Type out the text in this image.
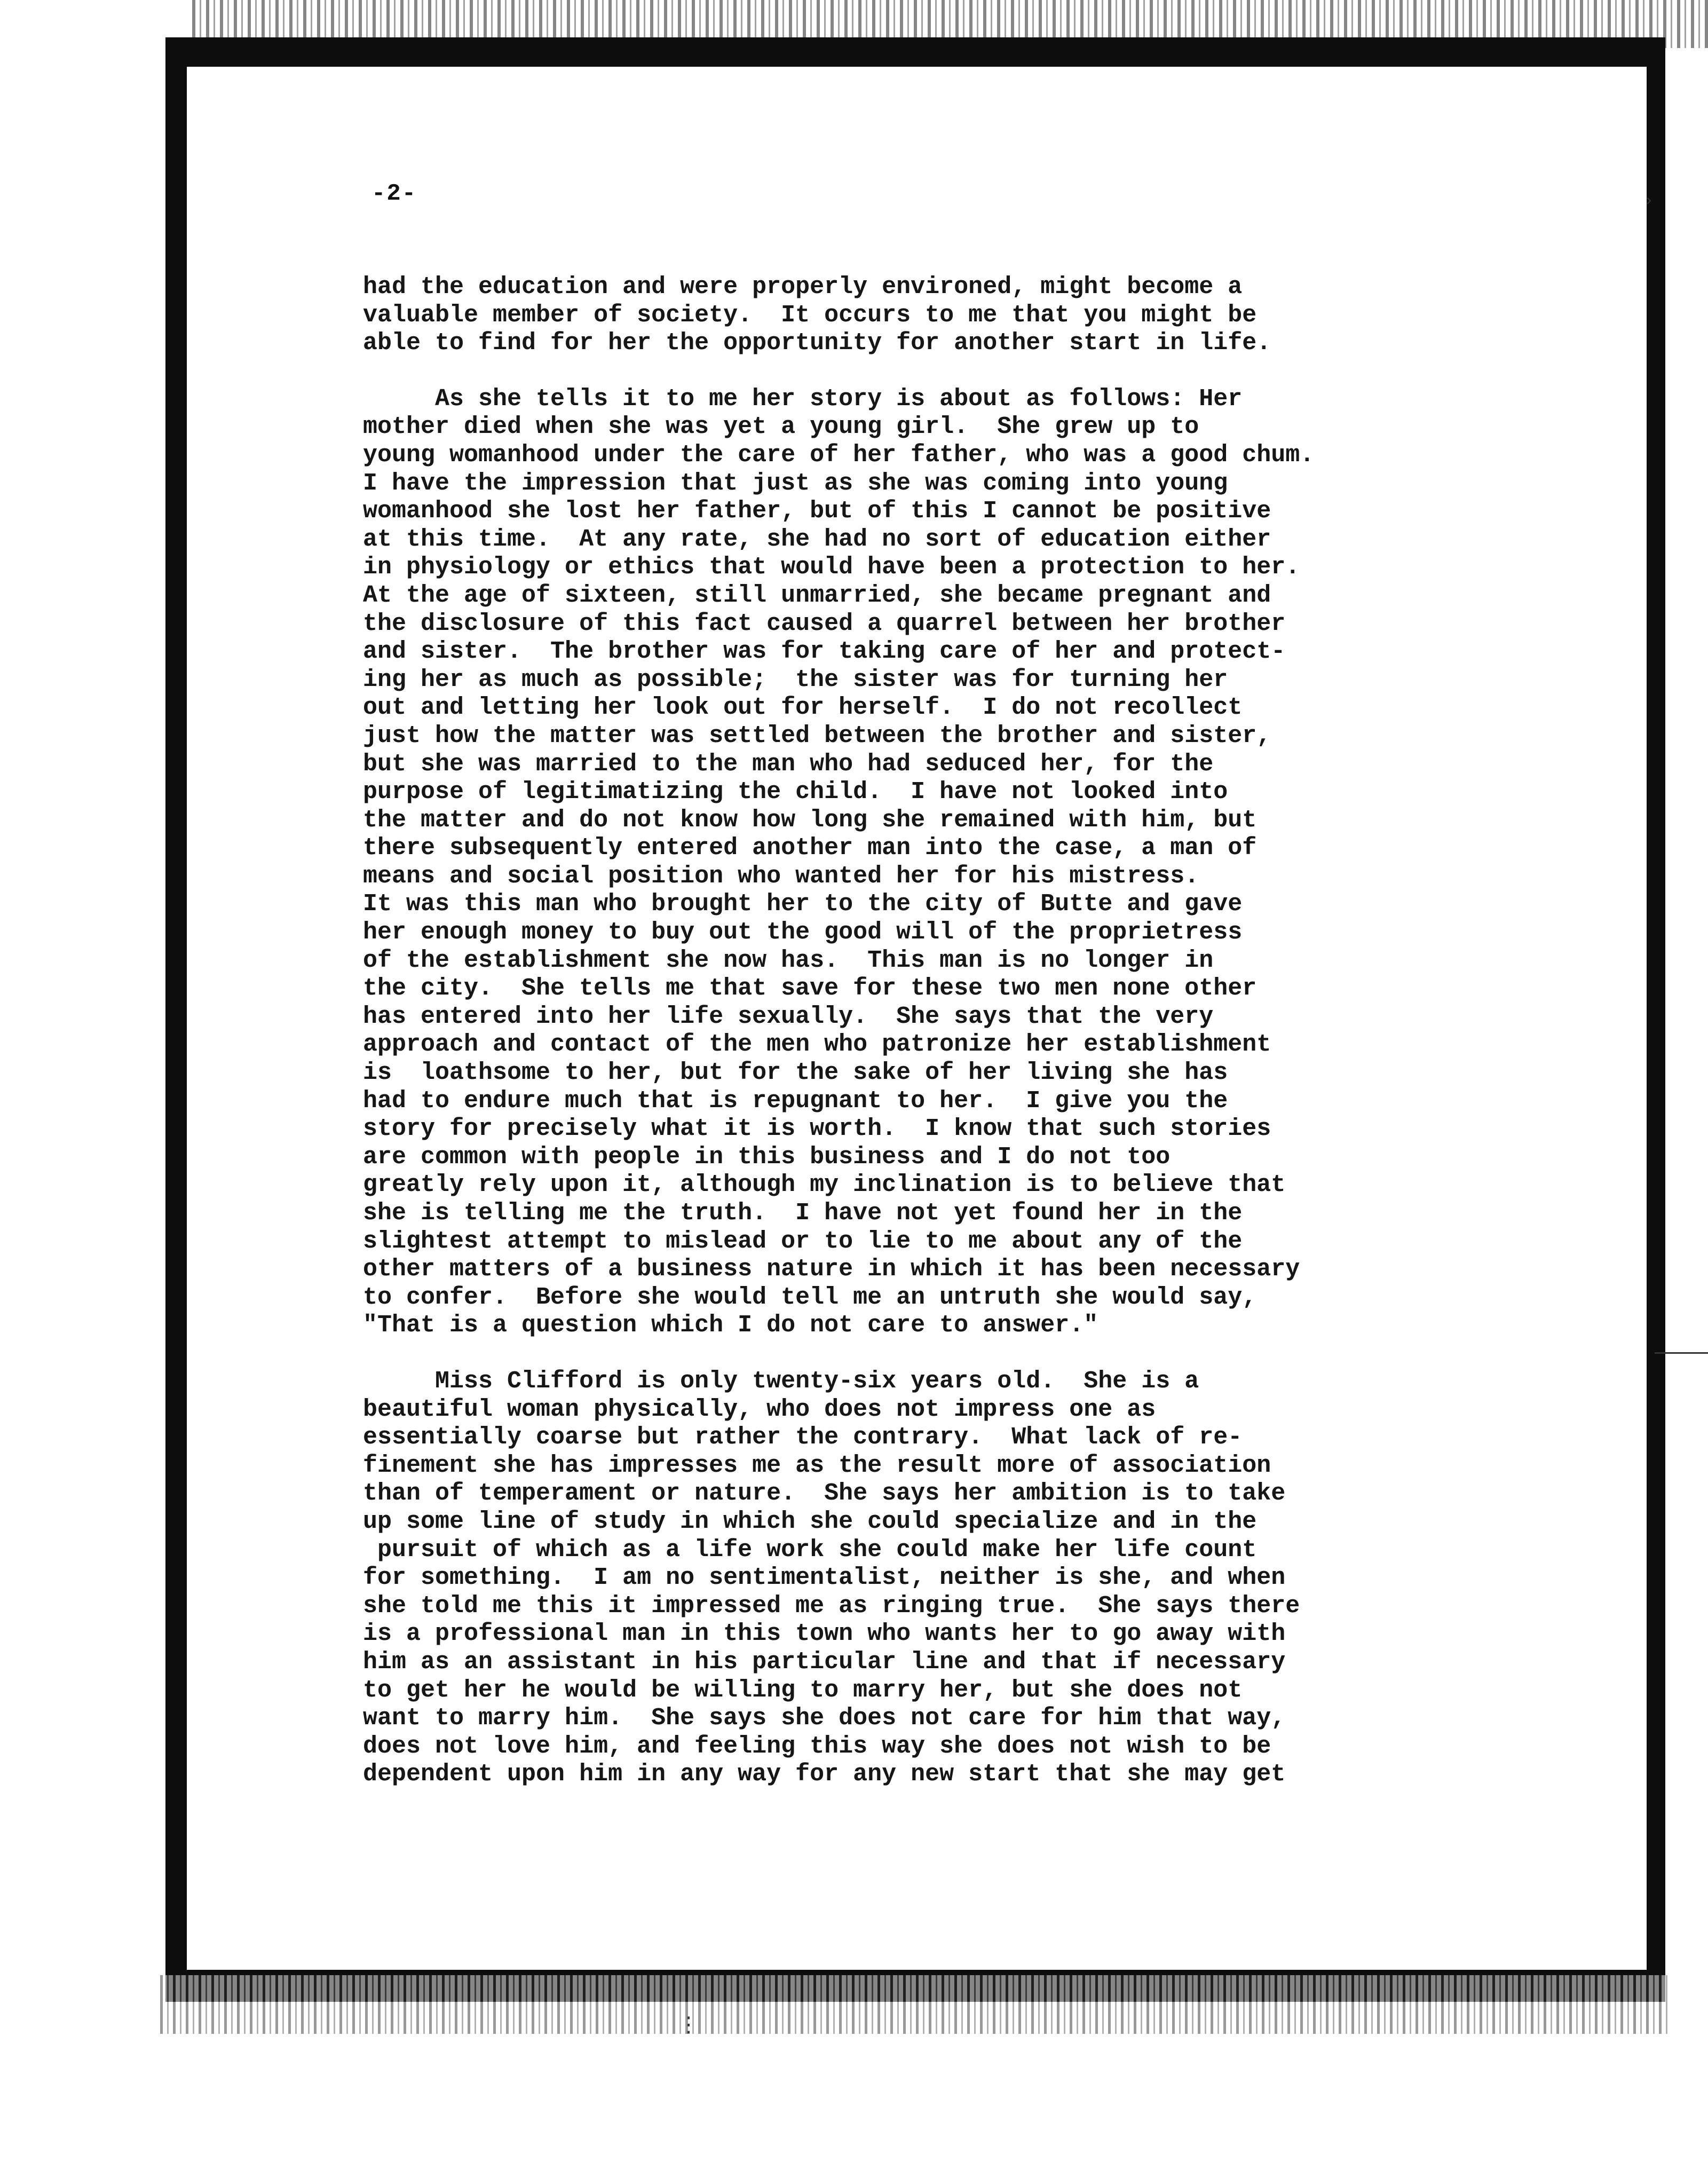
-2-
had the education and were properly environed, might become a
valuable member of society.  It occurs to me that you might be
able to find for her the opportunity for another start in life.
As she tells it to me her story is about as follows: Her
mother died when she was yet a young girl.  She grew up to
young womanhood under the care of her father, who was a good chum.
I have the impression that just as she was coming into young
womanhood she lost her father, but of this I cannot be positive
at this time.  At any rate, she had no sort of education either
in physiology or ethics that would have been a protection to her.
At the age of sixteen, still unmarried, she became pregnant and
the disclosure of this fact caused a quarrel between her brother
and sister.  The brother was for taking care of her and protect-
ing her as much as possible;  the sister was for turning her
out and letting her look out for herself.  I do not recollect
just how the matter was settled between the brother and sister,
but she was married to the man who had seduced her, for the
purpose of legitimatizing the child.  I have not looked into
the matter and do not know how long she remained with him, but
there subsequently entered another man into the case, a man of
means and social position who wanted her for his mistress.
It was this man who brought her to the city of Butte and gave
her enough money to buy out the good will of the proprietress
of the establishment she now has.  This man is no longer in
the city.  She tells me that save for these two men none other
has entered into her life sexually.  She says that the very
approach and contact of the men who patronize her establishment
is  loathsome to her, but for the sake of her living she has
had to endure much that is repugnant to her.  I give you the
story for precisely what it is worth.  I know that such stories
are common with people in this business and I do not too
greatly rely upon it, although my inclination is to believe that
she is telling me the truth.  I have not yet found her in the
slightest attempt to mislead or to lie to me about any of the
other matters of a business nature in which it has been necessary
to confer.  Before she would tell me an untruth she would say,
"That is a question which I do not care to answer."
Miss Clifford is only twenty-six years old.  She is a
beautiful woman physically, who does not impress one as
essentially coarse but rather the contrary.  What lack of re-
finement she has impresses me as the result more of association
than of temperament or nature.  She says her ambition is to take
up some line of study in which she could specialize and in the
pursuit of which as a life work she could make her life count
for something.  I am no sentimentalist, neither is she, and when
she told me this it impressed me as ringing true.  She says there
is a professional man in this town who wants her to go away with
him as an assistant in his particular line and that if necessary
to get her he would be willing to marry her, but she does not
want to marry him.  She says she does not care for him that way,
does not love him, and feeling this way she does not wish to be
dependent upon him in any way for any new start that she may get
›
⋮
